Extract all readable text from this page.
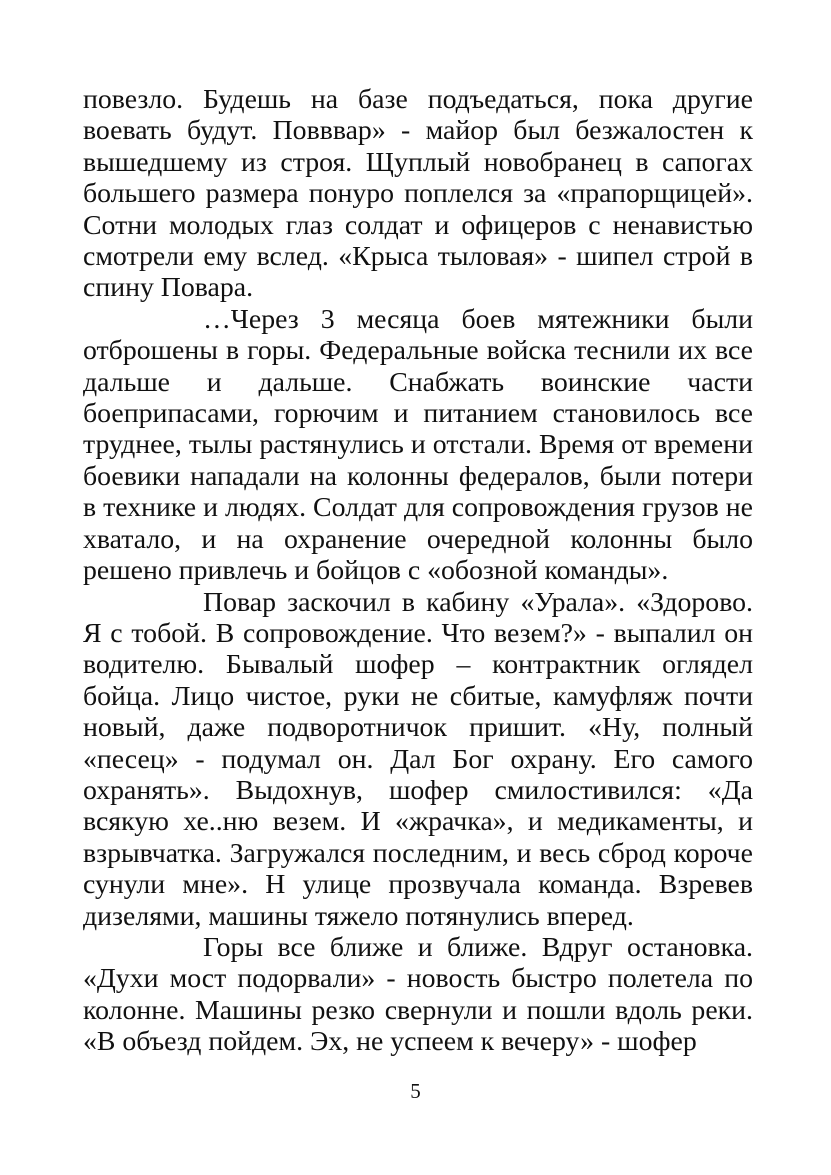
повезло. Будешь на базе подъедаться, пока другие воевать будут. Повввар» - майор был безжалостен к вышедшему из строя. Щуплый новобранец в сапогах большего размера понуро поплелся за «прапорщицей». Сотни молодых глаз солдат и офицеров с ненавистью смотрели ему вслед. «Крыса тыловая» - шипел строй в спину Повара.

…Через 3 месяца боев мятежники были отброшены в горы. Федеральные войска теснили их все дальше и дальше. Снабжать воинские части боеприпасами, горючим и питанием становилось все труднее, тылы растянулись и отстали. Время от времени боевики нападали на колонны федералов, были потери в технике и людях. Солдат для сопровождения грузов не хватало, и на охранение очередной колонны было решено привлечь и бойцов с «обозной команды».

Повар заскочил в кабину «Урала». «Здорово. Я с тобой. В сопровождение. Что везем?» - выпалил он водителю. Бывалый шофер – контрактник оглядел бойца. Лицо чистое, руки не сбитые, камуфляж почти новый, даже подворотничок пришит. «Ну, полный «песец» - подумал он. Дал Бог охрану. Его самого охранять». Выдохнув, шофер смилостивился: «Да всякую хе..ню везем. И «жрачка», и медикаменты, и взрывчатка. Загружался последним, и весь сброд короче сунули мне». Н улице прозвучала команда. Взревев дизелями, машины тяжело потянулись вперед.

Горы все ближе и ближе. Вдруг остановка. «Духи мост подорвали» - новость быстро полетела по колонне. Машины резко свернули и пошли вдоль реки. «В объезд пойдем. Эх, не успеем к вечеру» - шофер

5
